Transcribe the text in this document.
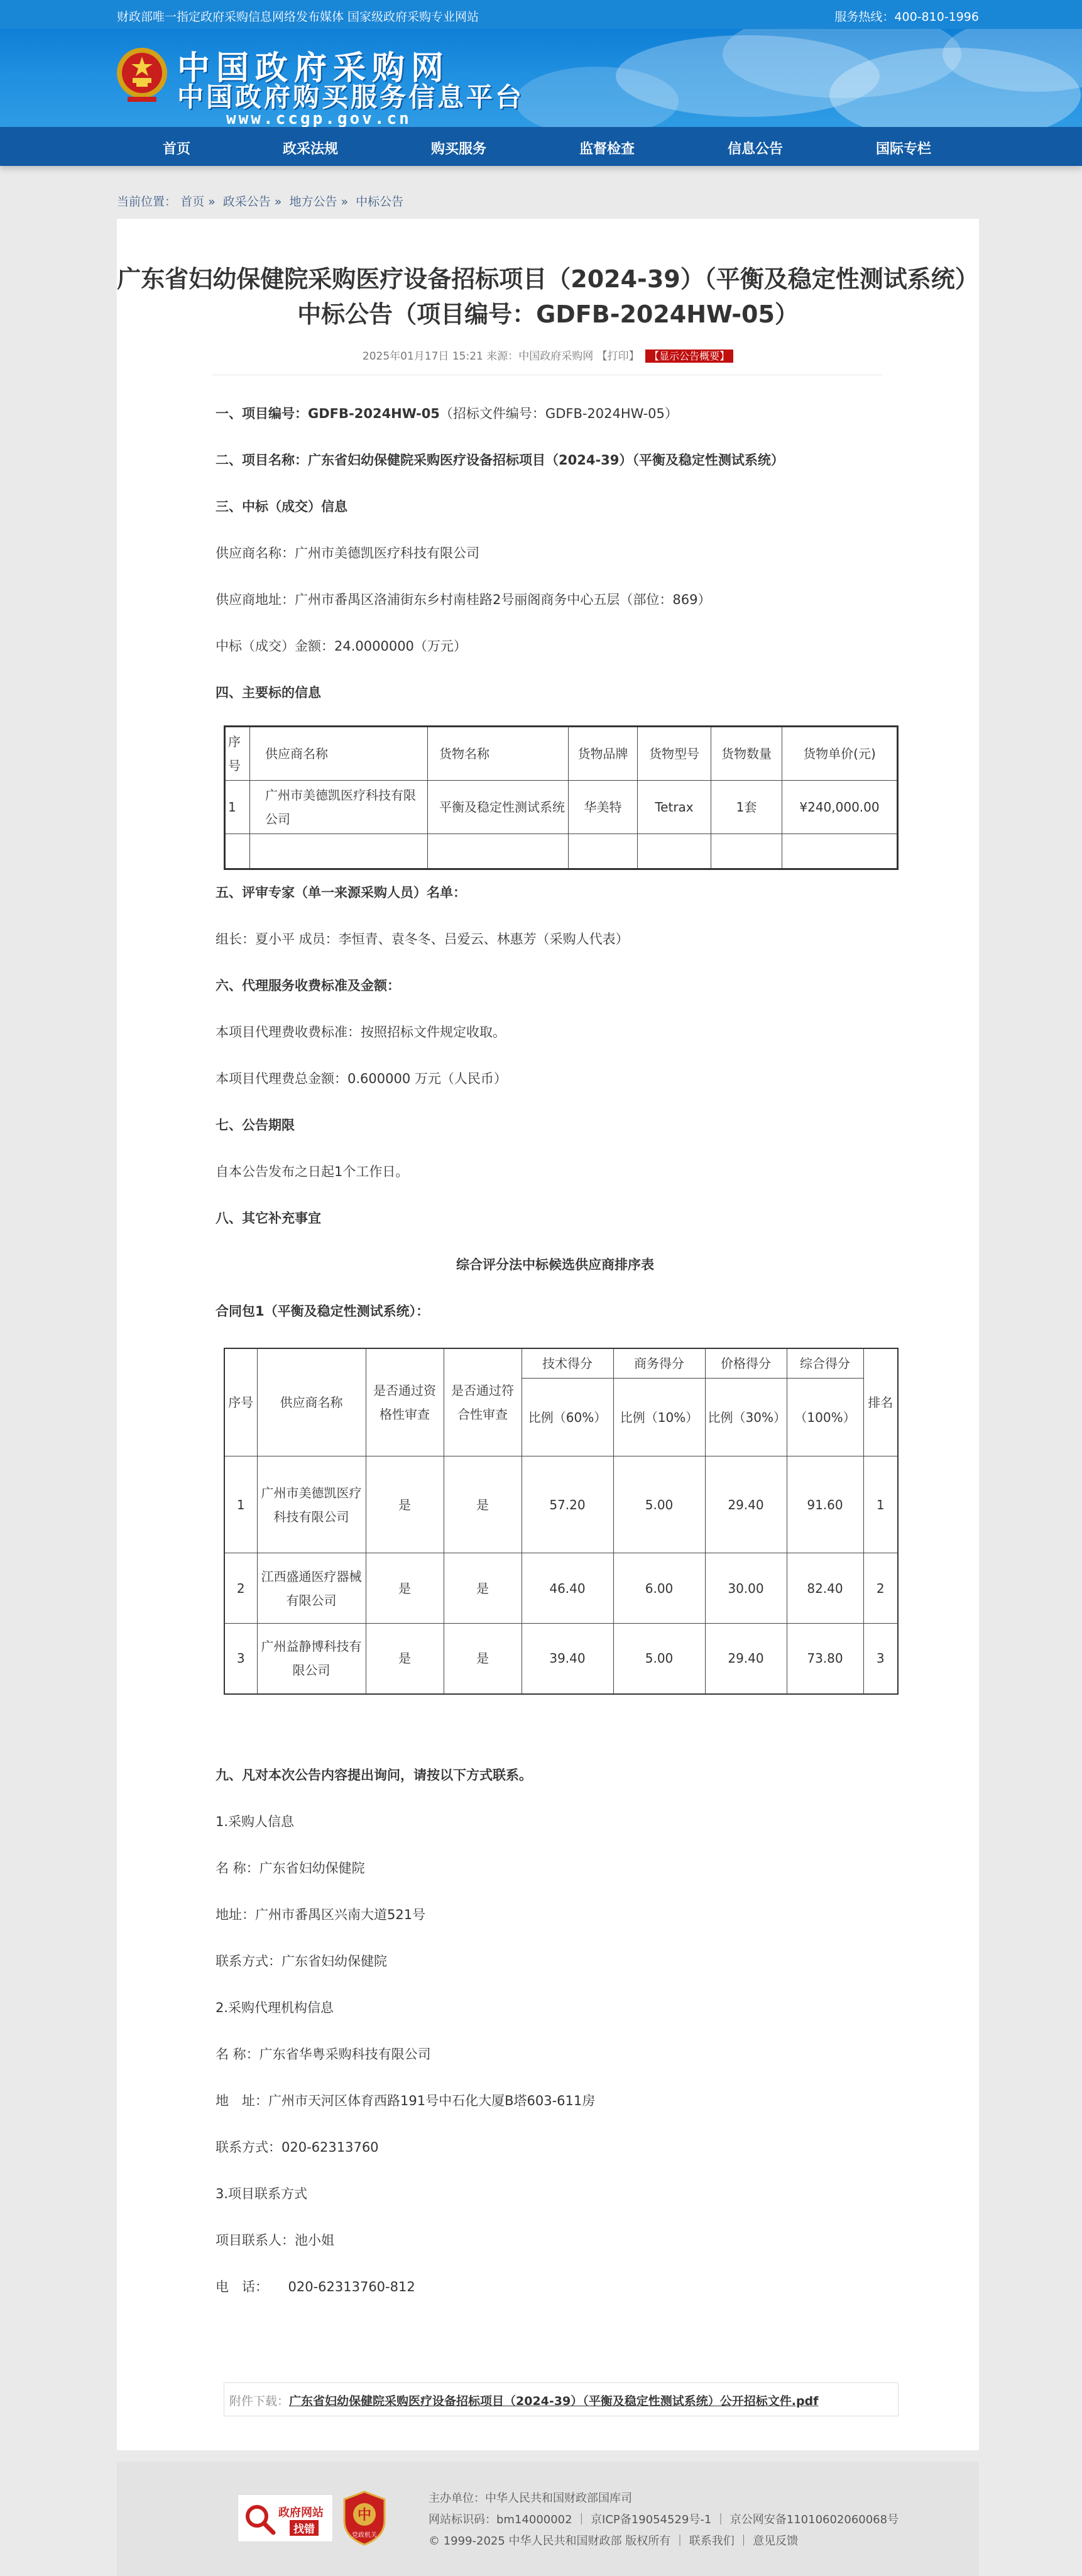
财政部唯一指定政府采购信息网络发布媒体 国家级政府采购专业网站	服务热线：400-810-1996
中国政府采购网
中国政府购买服务信息平台
www.ccgp.gov.cn
首页	政采法规	购买服务	监督检查	信息公告	国际专栏
当前位置： 首页 » 政采公告 » 地方公告 » 中标公告
广东省妇幼保健院采购医疗设备招标项目（2024-39）（平衡及稳定性测试系统）
中标公告（项目编号：GDFB-2024HW-05）
2025年01月17日 15:21 来源：中国政府采购网 【打印】 【显示公告概要】
一、项目编号：GDFB-2024HW-05（招标文件编号：GDFB-2024HW-05）
二、项目名称：广东省妇幼保健院采购医疗设备招标项目（2024-39）（平衡及稳定性测试系统）
三、中标（成交）信息
供应商名称：广州市美德凯医疗科技有限公司
供应商地址：广州市番禺区洛浦街东乡村南桂路2号丽阁商务中心五层（部位：869）
中标（成交）金额：24.0000000（万元）
四、主要标的信息
序号	供应商名称	货物名称	货物品牌	货物型号	货物数量	货物单价(元)
1	广州市美德凯医疗科技有限公司	平衡及稳定性测试系统	华美特	Tetrax	1套	¥240,000.00

五、评审专家（单一来源采购人员）名单：
组长：夏小平 成员：李恒青、袁冬冬、吕爱云、林惠芳（采购人代表）
六、代理服务收费标准及金额：
本项目代理费收费标准：按照招标文件规定收取。
本项目代理费总金额：0.600000 万元（人民币）
七、公告期限
自本公告发布之日起1个工作日。
八、其它补充事宜
综合评分法中标候选供应商排序表
合同包1（平衡及稳定性测试系统）：
序号	供应商名称	是否通过资格性审查	是否通过符合性审查	技术得分	商务得分	价格得分	综合得分	排名
				比例（60%）	比例（10%）	比例（30%）	（100%）	
1	广州市美德凯医疗科技有限公司	是	是	57.20	5.00	29.40	91.60	1
2	江西盛通医疗器械有限公司	是	是	46.40	6.00	30.00	82.40	2
3	广州益静博科技有限公司	是	是	39.40	5.00	29.40	73.80	3
九、凡对本次公告内容提出询问，请按以下方式联系。
1.采购人信息
名 称：广东省妇幼保健院
地址：广州市番禺区兴南大道521号
联系方式：广东省妇幼保健院
2.采购代理机构信息
名 称：广东省华粤采购科技有限公司
地　址：广州市天河区体育西路191号中石化大厦B塔603-611房
联系方式：020-62313760
3.项目联系方式
项目联系人：池小姐
电　话：　　020-62313760-812
附件下载：广东省妇幼保健院采购医疗设备招标项目（2024-39）（平衡及稳定性测试系统）公开招标文件.pdf
政府网站
找错
中
党政机关
主办单位：中华人民共和国财政部国库司
网站标识码：bm14000002 ｜ 京ICP备19054529号-1 ｜ 京公网安备11010602060068号
© 1999-2025 中华人民共和国财政部 版权所有 ｜ 联系我们 ｜ 意见反馈
